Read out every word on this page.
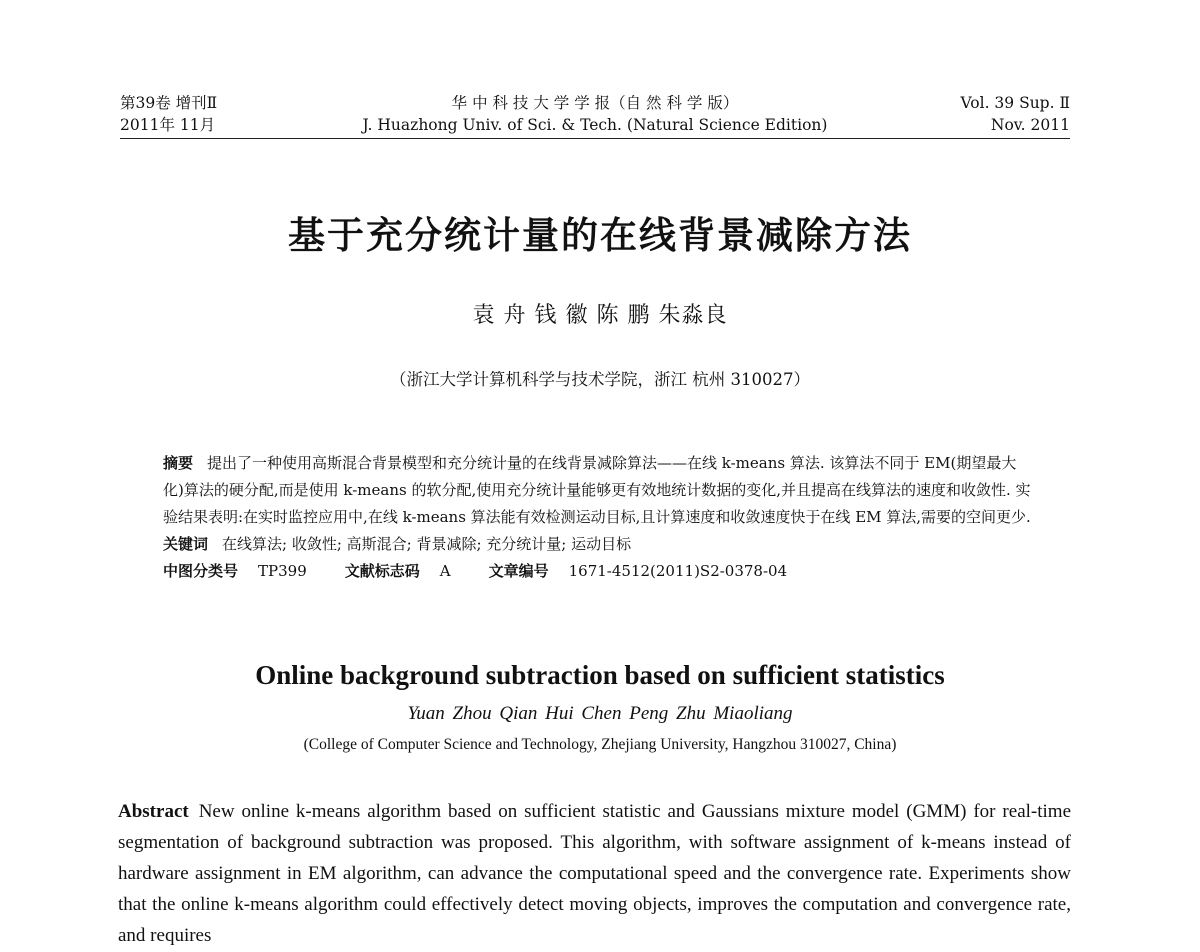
第39卷 增刊Ⅱ
2011年 11月
华 中 科 技 大 学 学 报（自 然 科 学 版）
J. Huazhong Univ. of Sci. & Tech. (Natural Science Edition)
Vol. 39 Sup. Ⅱ
Nov. 2011
基于充分统计量的在线背景减除方法
袁 舟 钱 徽 陈 鹏 朱淼良
（浙江大学计算机科学与技术学院，浙江 杭州 310027）

摘要 提出了一种使用高斯混合背景模型和充分统计量的在线背景减除算法——在线 k-means 算法. 该算法不同于 EM(期望最大化)算法的硬分配,而是使用 k-means 的软分配,使用充分统计量能够更有效地统计数据的变化,并且提高在线算法的速度和收敛性. 实验结果表明:在实时监控应用中,在线 k-means 算法能有效检测运动目标,且计算速度和收敛速度快于在线 EM 算法,需要的空间更少.

关键词 在线算法; 收敛性; 高斯混合; 背景减除; 充分统计量; 运动目标

中图分类号 TP399	文献标志码 A	文章编号 1671-4512(2011)S2-0378-04

Online background subtraction based on sufficient statistics
Yuan Zhou Qian Hui Chen Peng Zhu Miaoliang
(College of Computer Science and Technology, Zhejiang University, Hangzhou 310027, China)

Abstract New online k-means algorithm based on sufficient statistic and Gaussians mixture model (GMM) for real-time segmentation of background subtraction was proposed. This algorithm, with software assignment of k-means instead of hardware assignment in EM algorithm, can advance the computational speed and the convergence rate. Experiments show that the online k-means algorithm could effectively detect moving objects, improves the computation and convergence rate, and requires
